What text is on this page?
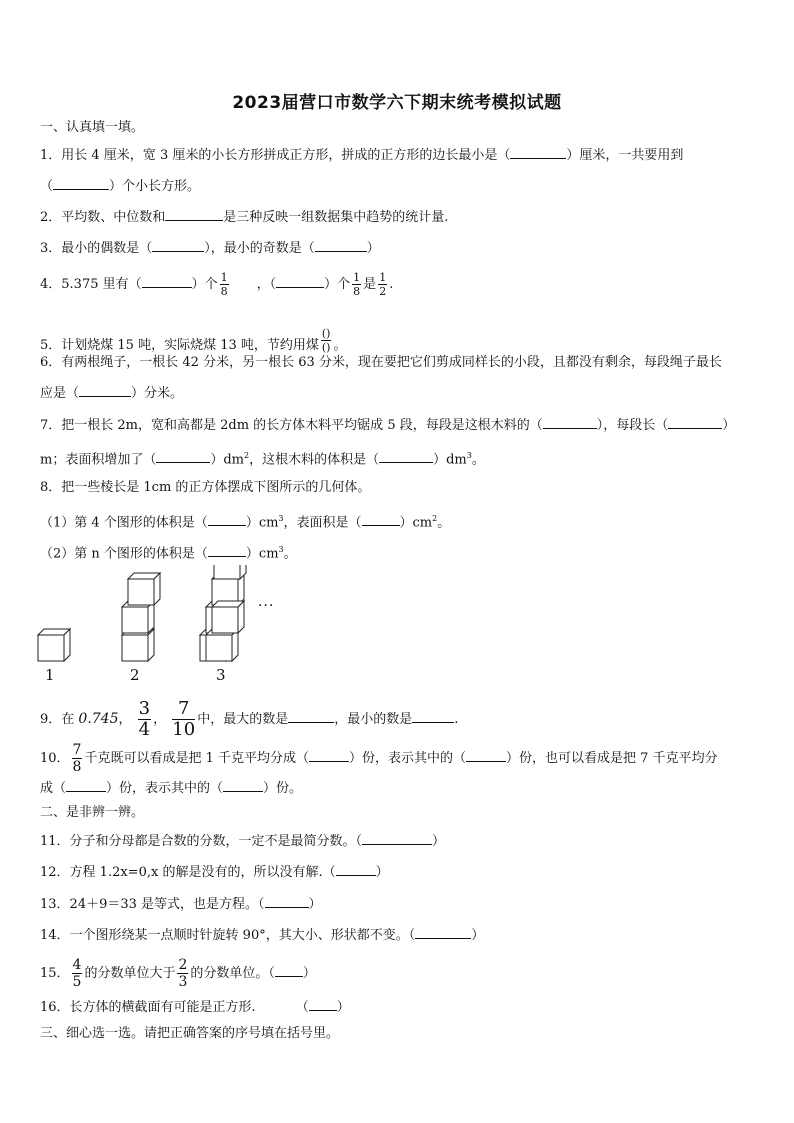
2023届营口市数学六下期末统考模拟试题
一、认真填一填。
1．用长 4 厘米，宽 3 厘米的小长方形拼成正方形，拼成的正方形的边长最小是（	）厘米，一共要用到
（	）个小长方形。
2．平均数、中位数和	是三种反映一组数据集中趋势的统计量.
3．最小的偶数是（	），最小的奇数是（	）
4．5.375 里有（	）个 $\frac{1}{8}$ ，（	）个 $\frac{1}{8}$ 是 $\frac{1}{2}$ .
5．计划烧煤 15 吨，实际烧煤 13 吨，节约用煤 $\frac{()}{()}$ 。
6．有两根绳子，一根长 42 分米，另一根长 63 分米，现在要把它们剪成同样长的小段，且都没有剩余，每段绳子最长
应是（	）分米。
7．把一根长 2m，宽和高都是 2dm 的长方体木料平均锯成 5 段，每段是这根木料的（	），每段长（	）
m；表面积增加了（	）$dm^2$，这根木料的体积是（	）$dm^3$。
8．把一些棱长是 1cm 的正方体摆成下图所示的几何体。
（1）第 4 个图形的体积是（	）$cm^3$，表面积是（	）$cm^2$。
（2）第 n 个图形的体积是（	）$cm^3$。
1	2	3
···
9．在 0.745， $\frac{3}{4}$ ， $\frac{7}{10}$ 中，最大的数是	，最小的数是	.
10． $\frac{7}{8}$ 千克既可以看成是把 1 千克平均分成（	）份，表示其中的（	）份，也可以看成是把 7 千克平均分
成（	）份，表示其中的（	）份。
二、是非辨一辨。
11．分子和分母都是合数的分数，一定不是最简分数。（	）
12．方程 1.2x=0,x 的解是没有的，所以没有解.（	）
13．24＋9＝33 是等式，也是方程。（	）
14．一个图形绕某一点顺时针旋转 90°，其大小、形状都不变。（	）
15． $\frac{4}{5}$ 的分数单位大于 $\frac{2}{3}$ 的分数单位。（ ）
16．长方体的横截面有可能是正方形.	（ ）
三、细心选一选。请把正确答案的序号填在括号里。
